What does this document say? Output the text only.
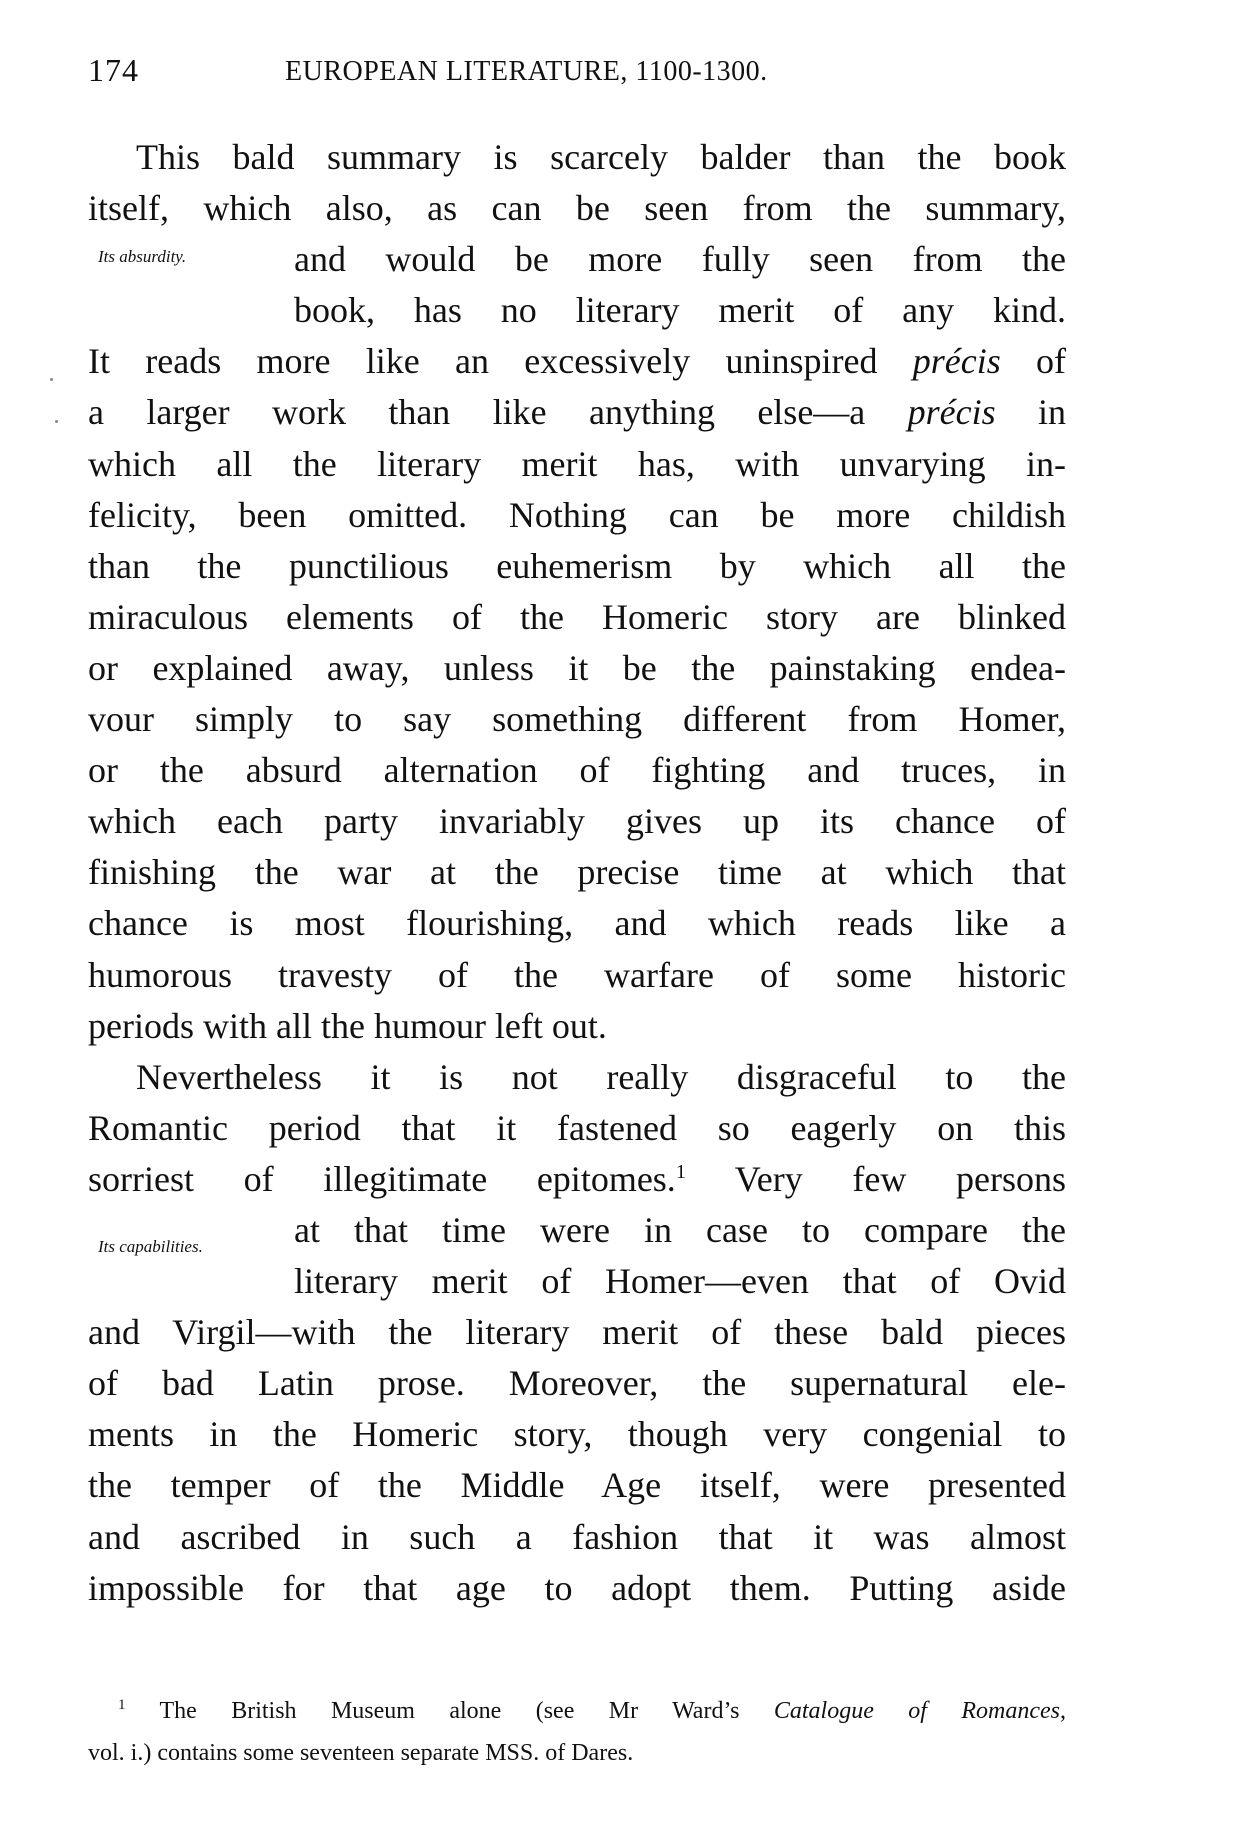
174	EUROPEAN LITERATURE, 1100-1300.
Its absurdity.
Its capabilities.
This bald summary is scarcely balder than the book
itself, which also, as can be seen from the summary,
and would be more fully seen from the
book, has no literary merit of any kind.
It reads more like an excessively uninspired précis of
a larger work than like anything else—a précis in
which all the literary merit has, with unvarying in-
felicity, been omitted. Nothing can be more childish
than the punctilious euhemerism by which all the
miraculous elements of the Homeric story are blinked
or explained away, unless it be the painstaking endea-
vour simply to say something different from Homer,
or the absurd alternation of fighting and truces, in
which each party invariably gives up its chance of
finishing the war at the precise time at which that
chance is most flourishing, and which reads like a
humorous travesty of the warfare of some historic
periods with all the humour left out.
Nevertheless it is not really disgraceful to the
Romantic period that it fastened so eagerly on this
sorriest of illegitimate epitomes.$^1$ Very few persons
at that time were in case to compare the
literary merit of Homer—even that of Ovid
and Virgil—with the literary merit of these bald pieces
of bad Latin prose. Moreover, the supernatural ele-
ments in the Homeric story, though very congenial to
the temper of the Middle Age itself, were presented
and ascribed in such a fashion that it was almost
impossible for that age to adopt them. Putting aside
$^1$ The British Museum alone (see Mr Ward’s Catalogue of Romances,
vol. i.) contains some seventeen separate MSS. of Dares.
